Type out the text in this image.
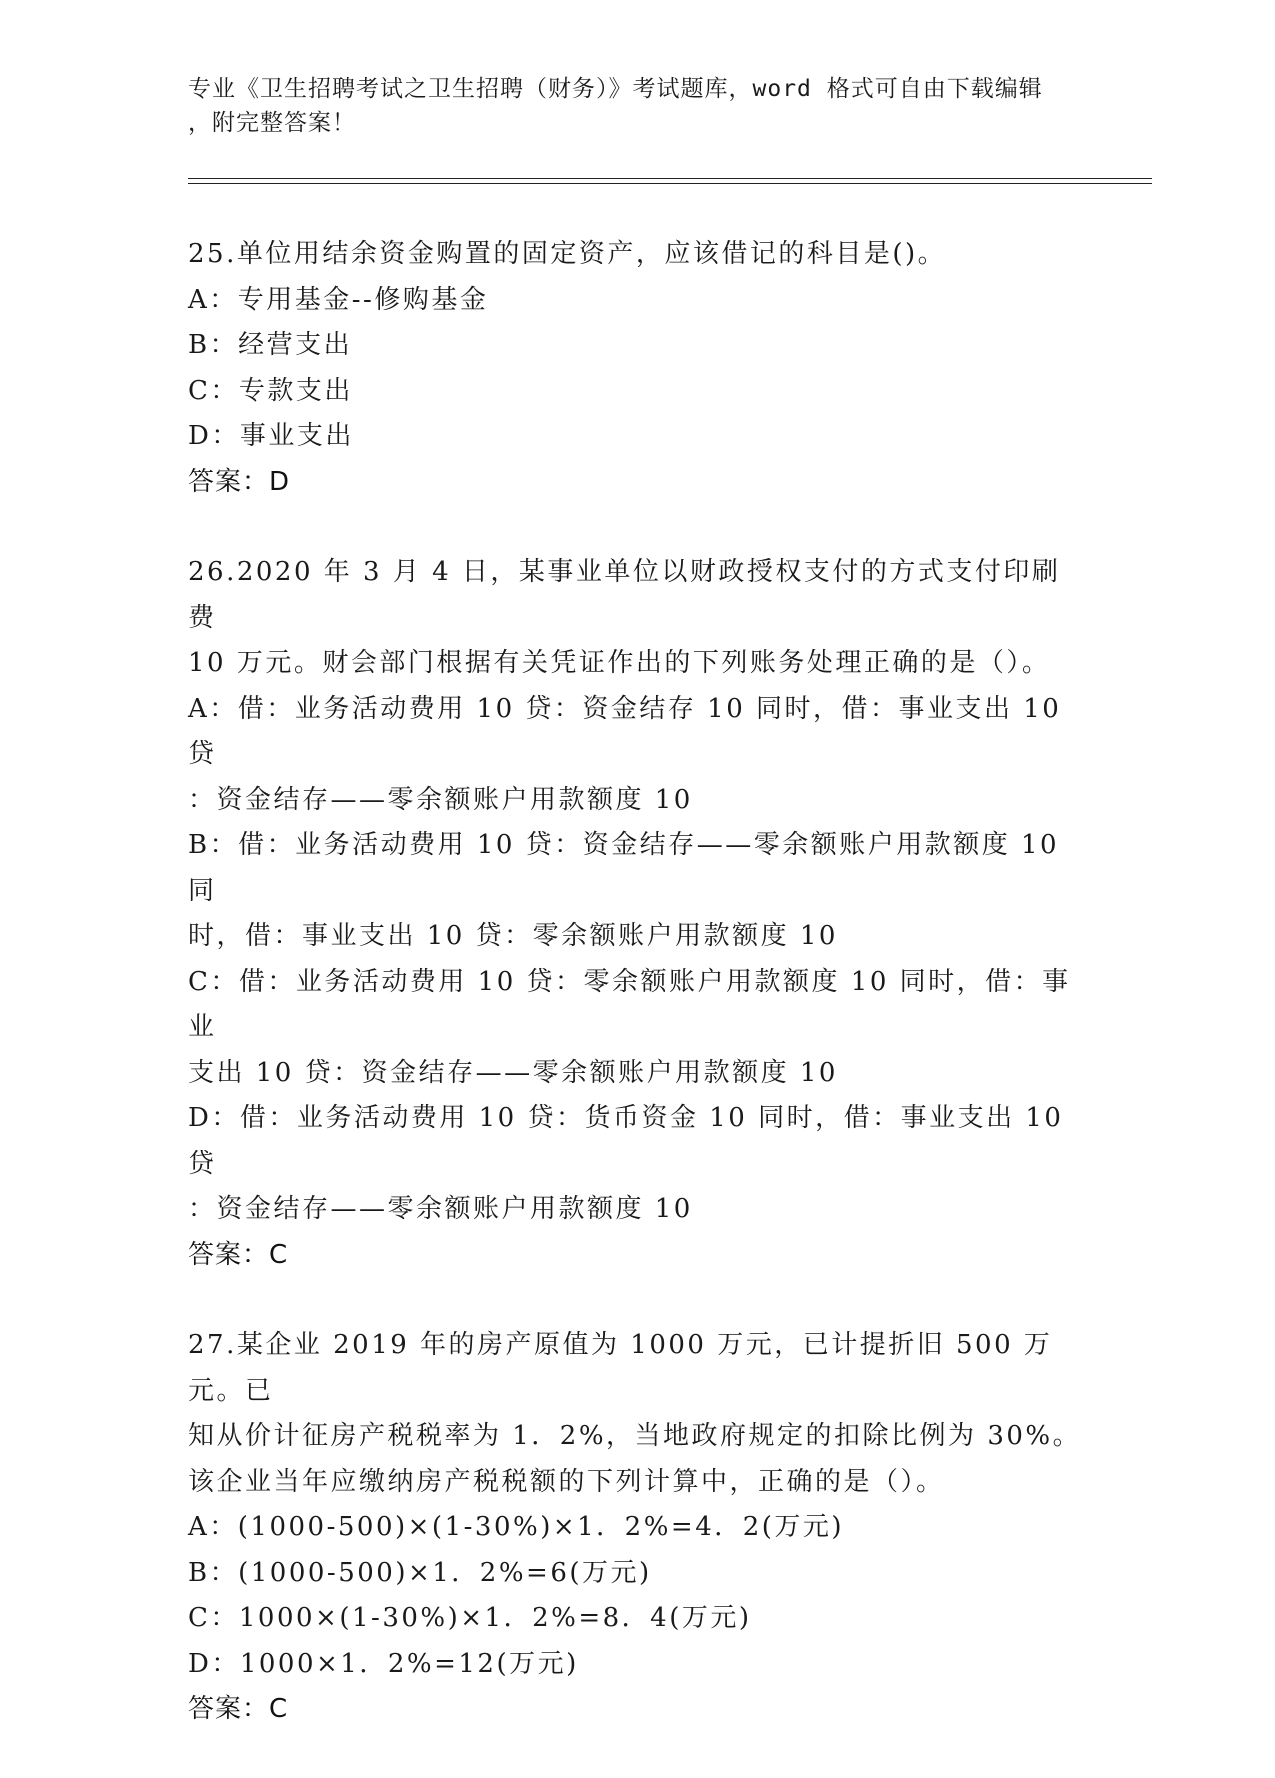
专业《卫生招聘考试之卫生招聘（财务）》考试题库，word 格式可自由下载编辑
，附完整答案！
25.单位用结余资金购置的固定资产，应该借记的科目是()。
A：专用基金--修购基金
B：经营支出
C：专款支出
D：事业支出
答案：D
26.2020 年 3 月 4 日，某事业单位以财政授权支付的方式支付印刷费
10 万元。财会部门根据有关凭证作出的下列账务处理正确的是（）。
A：借：业务活动费用 10 贷：资金结存 10 同时，借：事业支出 10 贷
：资金结存——零余额账户用款额度 10
B：借：业务活动费用 10 贷：资金结存——零余额账户用款额度 10 同
时，借：事业支出 10 贷：零余额账户用款额度 10
C：借：业务活动费用 10 贷：零余额账户用款额度 10 同时，借：事业
支出 10 贷：资金结存——零余额账户用款额度 10
D：借：业务活动费用 10 贷：货币资金 10 同时，借：事业支出 10 贷
：资金结存——零余额账户用款额度 10
答案：C
27.某企业 2019 年的房产原值为 1000 万元，已计提折旧 500 万元。已
知从价计征房产税税率为 1．2%，当地政府规定的扣除比例为 30%。
该企业当年应缴纳房产税税额的下列计算中，正确的是（）。
A：(1000-500)×(1-30%)×1．2%=4．2(万元)
B：(1000-500)×1．2%=6(万元)
C：1000×(1-30%)×1．2%=8．4(万元)
D：1000×1．2%=12(万元)
答案：C
